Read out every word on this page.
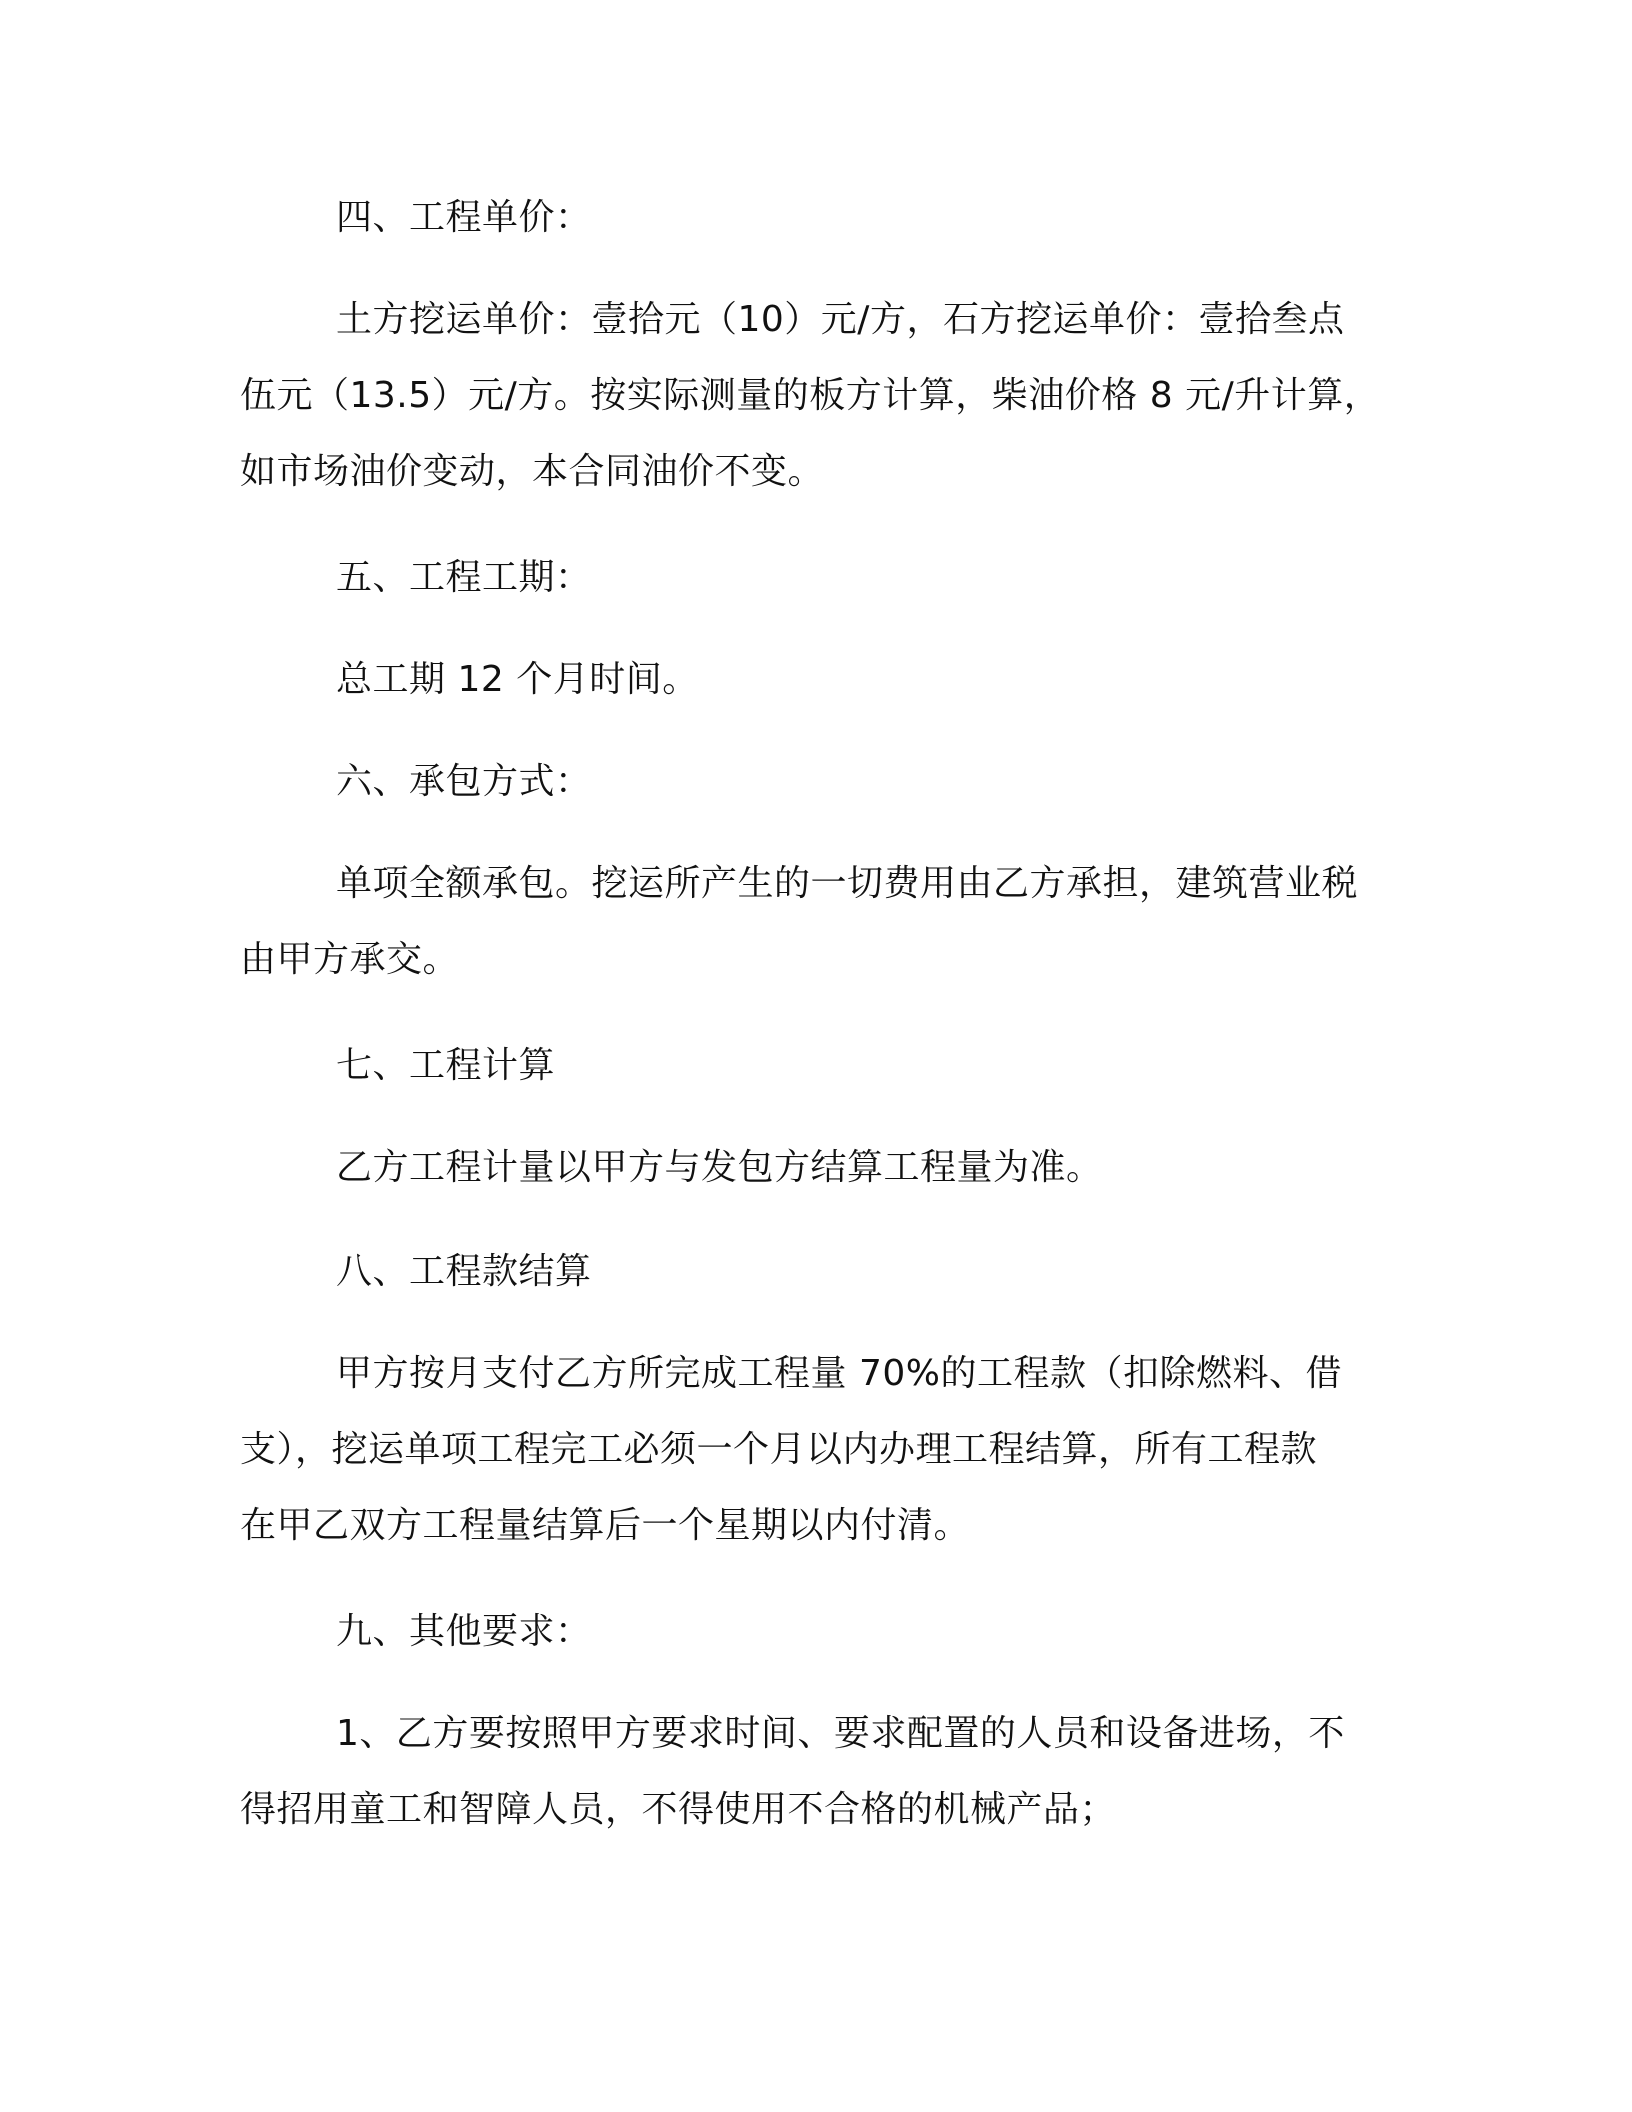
四、工程单价：
土方挖运单价：壹拾元（10）元/方，石方挖运单价：壹拾叁点
伍元（13.5）元/方。按实际测量的板方计算，柴油价格 8 元/升计算，
如市场油价变动，本合同油价不变。
五、工程工期：
总工期 12 个月时间。
六、承包方式：
单项全额承包。挖运所产生的一切费用由乙方承担，建筑营业税
由甲方承交。
七、工程计算
乙方工程计量以甲方与发包方结算工程量为准。
八、工程款结算
甲方按月支付乙方所完成工程量 70%的工程款（扣除燃料、借
支），挖运单项工程完工必须一个月以内办理工程结算，所有工程款
在甲乙双方工程量结算后一个星期以内付清。
九、其他要求：
1、乙方要按照甲方要求时间、要求配置的人员和设备进场，不
得招用童工和智障人员，不得使用不合格的机械产品；
